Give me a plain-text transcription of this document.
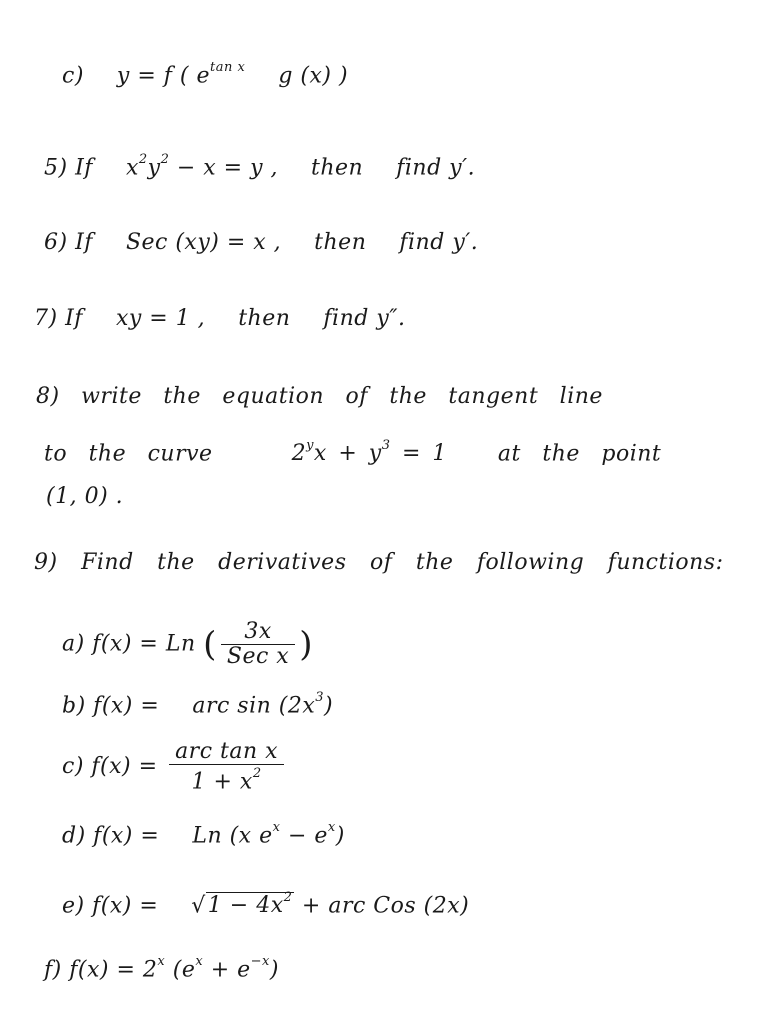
c) y = f ( $e^{tan x}$ g (x) )
5) If $x^2y^2 - x = y$ , then find y′.
6) If Sec (xy) = x , then find y′.
7) If xy = 1 , then find y″.
8) write the equation of the tangent line
to the curve	$2^yx + y^3 = 1$ at the point
(1, 0) .
9) Find the derivatives of the following functions:
a) f(x) = Ln ( $\frac{3x}{\text{Sec x}}$ )
b) f(x) = arc $\sin (2x^3)$
c) $f(x) = \frac{\text{arc tan x}}{1 + x^2}$
d) f(x) = Ln (x $e^x - e^x$)
e) $f(x) = √1 - 4x^2$ + arc Cos (2x)
f) $f(x) = 2^x$ $(e^x + e^{-x})$
